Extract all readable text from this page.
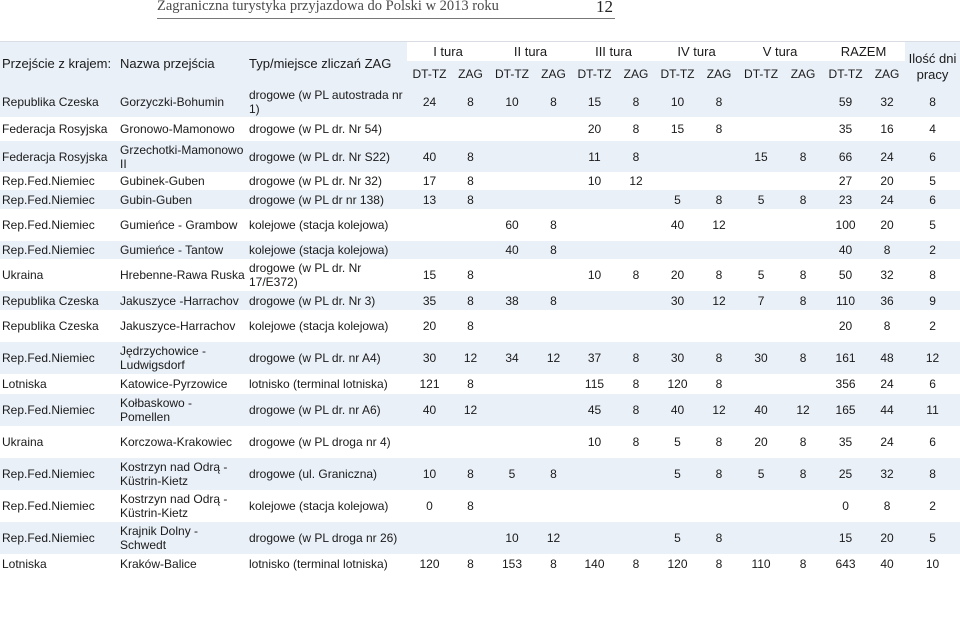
Zagraniczna turystyka przyjazdowa do Polski w 2013 roku	12
Przejście z krajem:	Nazwa przejścia	Typ/miejsce zliczań ZAG	I tura		II tura		III tura		IV tura		V tura		RAZEM		Ilość dni pracy
			DT-TZ	ZAG	DT-TZ	ZAG	DT-TZ	ZAG	DT-TZ	ZAG	DT-TZ	ZAG	DT-TZ	ZAG	
Republika Czeska	Gorzyczki-Bohumin	drogowe (w PL autostrada nr 1)	24	8	10	8	15	8	10	8			59	32	8
Federacja Rosyjska	Gronowo-Mamonowo	drogowe (w PL dr. Nr 54)					20	8	15	8			35	16	4
Federacja Rosyjska	Grzechotki-Mamonowo II	drogowe (w PL dr. Nr S22)	40	8			11	8			15	8	66	24	6
Rep.Fed.Niemiec	Gubinek-Guben	drogowe (w PL dr. Nr 32)	17	8			10	12					27	20	5
Rep.Fed.Niemiec	Gubin-Guben	drogowe (w PL dr nr 138)	13	8					5	8	5	8	23	24	6
Rep.Fed.Niemiec	Gumieńce - Grambow	kolejowe (stacja kolejowa)			60	8			40	12			100	20	5
Rep.Fed.Niemiec	Gumieńce - Tantow	kolejowe (stacja kolejowa)			40	8							40	8	2
Ukraina	Hrebenne-Rawa Ruska	drogowe (w PL dr. Nr 17/E372)	15	8			10	8	20	8	5	8	50	32	8
Republika Czeska	Jakuszyce -Harrachov	drogowe (w PL dr. Nr 3)	35	8	38	8			30	12	7	8	110	36	9
Republika Czeska	Jakuszyce-Harrachov	kolejowe (stacja kolejowa)	20	8									20	8	2
Rep.Fed.Niemiec	Jędrzychowice - Ludwigsdorf	drogowe (w PL dr. nr A4)	30	12	34	12	37	8	30	8	30	8	161	48	12
Lotniska	Katowice-Pyrzowice	lotnisko (terminal lotniska)	121	8			115	8	120	8			356	24	6
Rep.Fed.Niemiec	Kołbaskowo - Pomellen	drogowe (w PL dr. nr A6)	40	12			45	8	40	12	40	12	165	44	11
Ukraina	Korczowa-Krakowiec	drogowe (w PL droga nr 4)					10	8	5	8	20	8	35	24	6
Rep.Fed.Niemiec	Kostrzyn nad Odrą - Küstrin-Kietz	drogowe (ul. Graniczna)	10	8	5	8			5	8	5	8	25	32	8
Rep.Fed.Niemiec	Kostrzyn nad Odrą - Küstrin-Kietz	kolejowe (stacja kolejowa)	0	8									0	8	2
Rep.Fed.Niemiec	Krajnik Dolny - Schwedt	drogowe (w PL droga nr 26)			10	12			5	8			15	20	5
Lotniska	Kraków-Balice	lotnisko (terminal lotniska)	120	8	153	8	140	8	120	8	110	8	643	40	10
